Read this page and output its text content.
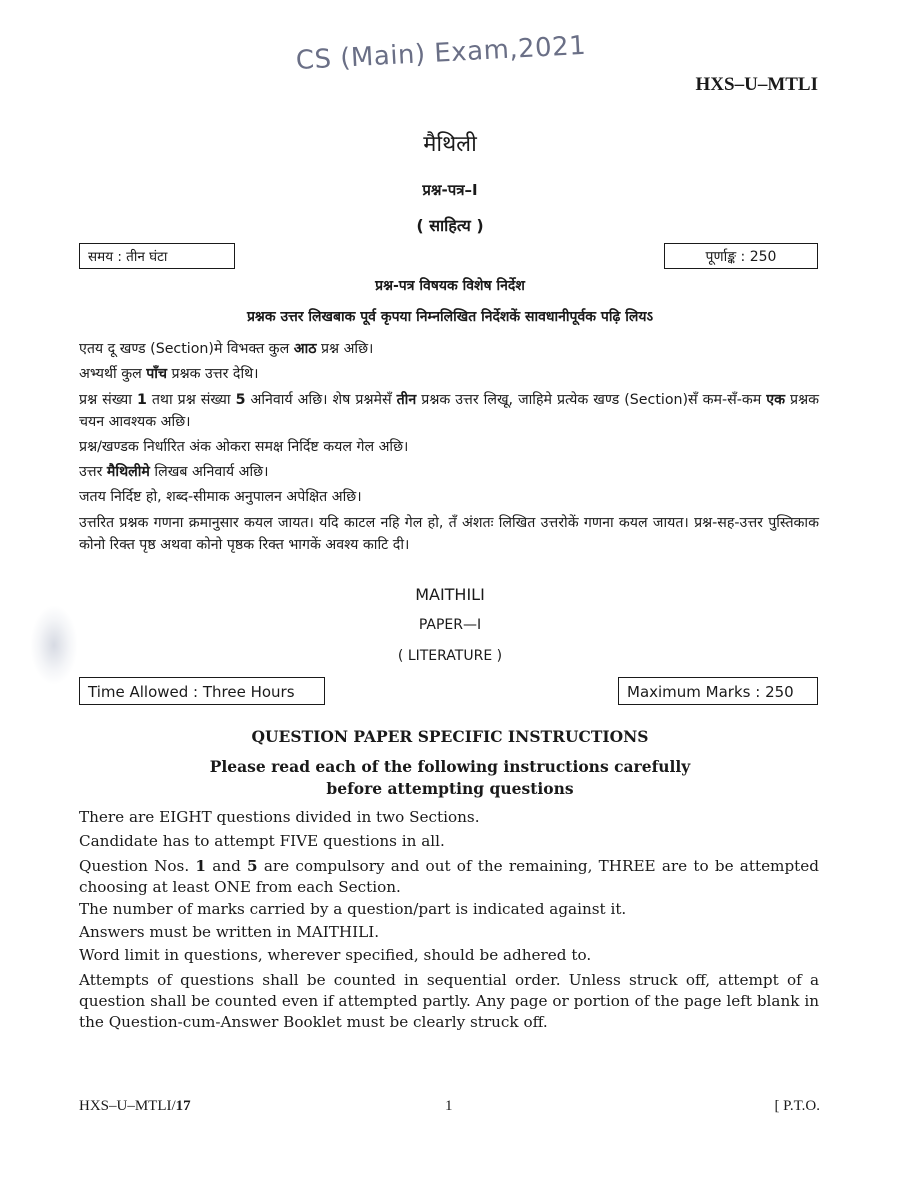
CS (Main) Exam,2021
HXS–U–MTLI
मैथिली
प्रश्न-पत्र–I
( साहित्य )
समय : तीन घंटा	पूर्णाङ्क : 250
प्रश्न-पत्र विषयक विशेष निर्देश
प्रश्नक उत्तर लिखबाक पूर्व कृपया निम्नलिखित निर्देशकें सावधानीपूर्वक पढ़ि लियऽ
एतय दू खण्ड (Section)मे विभक्त कुल आठ प्रश्न अछि।
अभ्यर्थी कुल पाँच प्रश्नक उत्तर देथि।
प्रश्न संख्या 1 तथा प्रश्न संख्या 5 अनिवार्य अछि। शेष प्रश्नमेसँ तीन प्रश्नक उत्तर लिखू, जाहिमे प्रत्येक खण्ड (Section)सँ कम-सँ-कम एक प्रश्नक चयन आवश्यक अछि।
प्रश्न/खण्डक निर्धारित अंक ओकरा समक्ष निर्दिष्ट कयल गेल अछि।
उत्तर मैथिलीमे लिखब अनिवार्य अछि।
जतय निर्दिष्ट हो, शब्द-सीमाक अनुपालन अपेक्षित अछि।
उत्तरित प्रश्नक गणना क्रमानुसार कयल जायत। यदि काटल नहि गेल हो, तँ अंशतः लिखित उत्तरोकें गणना कयल जायत। प्रश्न-सह-उत्तर पुस्तिकाक कोनो रिक्त पृष्ठ अथवा कोनो पृष्ठक रिक्त भागकें अवश्य काटि दी।
MAITHILI
PAPER—I
( LITERATURE )
Time Allowed : Three Hours	Maximum Marks : 250
QUESTION PAPER SPECIFIC INSTRUCTIONS
Please read each of the following instructions carefully
before attempting questions
There are EIGHT questions divided in two Sections.
Candidate has to attempt FIVE questions in all.
Question Nos. 1 and 5 are compulsory and out of the remaining, THREE are to be attempted choosing at least ONE from each Section.
The number of marks carried by a question/part is indicated against it.
Answers must be written in MAITHILI.
Word limit in questions, wherever specified, should be adhered to.
Attempts of questions shall be counted in sequential order. Unless struck off, attempt of a question shall be counted even if attempted partly. Any page or portion of the page left blank in the Question-cum-Answer Booklet must be clearly struck off.
HXS–U–MTLI/17	1	[ P.T.O.
